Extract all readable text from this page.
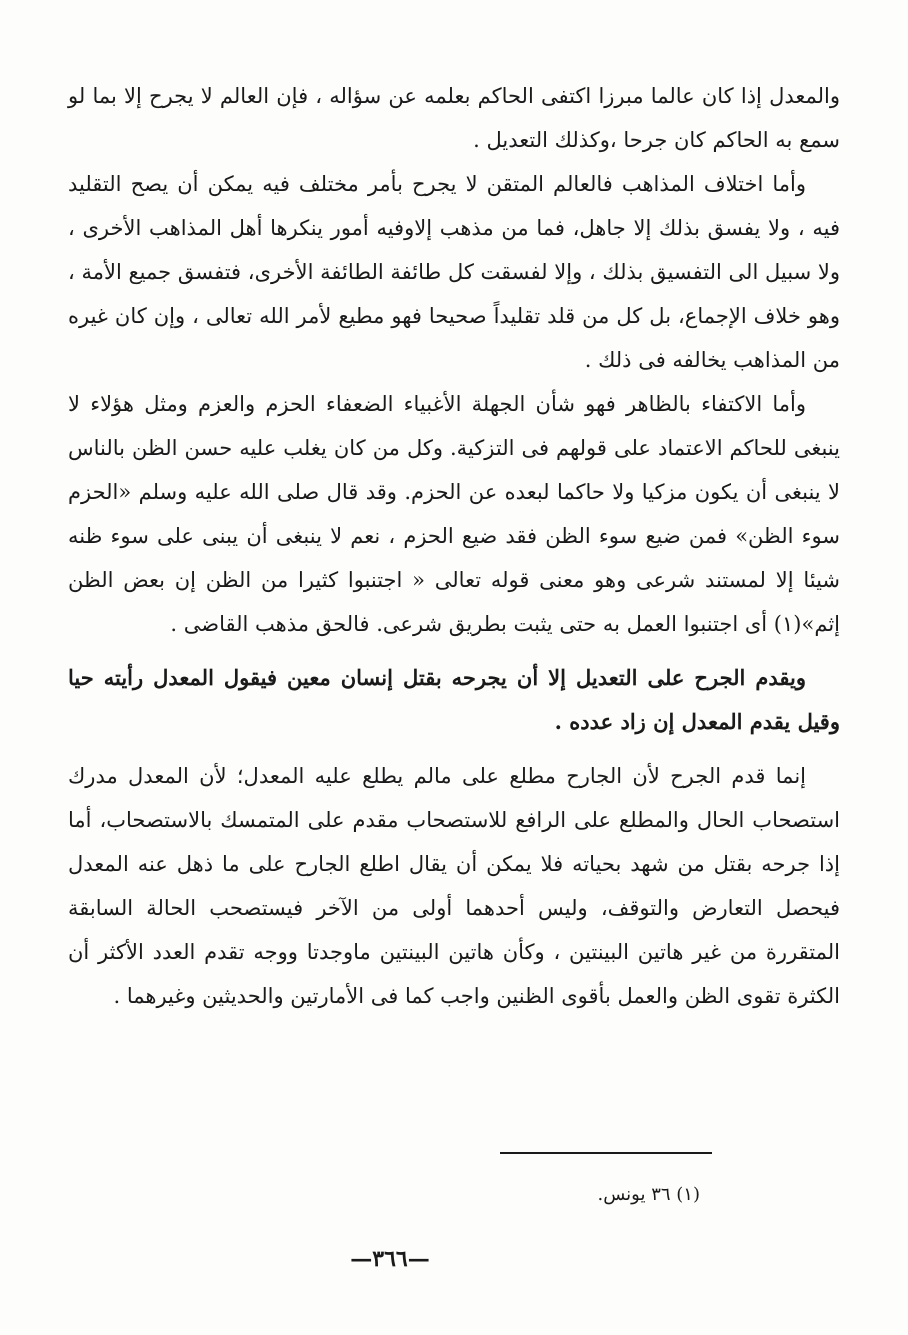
والمعدل إذا كان عالما مبرزا اكتفى الحاكم بعلمه عن سؤاله ، فإن العالم لا يجرح إلا بما لو سمع به الحاكم كان جرحا ،وكذلك التعديل .

وأما اختلاف المذاهب فالعالم المتقن لا يجرح بأمر مختلف فيه يمكن أن يصح التقليد فيه ، ولا يفسق بذلك إلا جاهل، فما من مذهب إلاوفيه أمور ينكرها أهل المذاهب الأخرى ، ولا سبيل الى التفسيق بذلك ، وإلا لفسقت كل طائفة الطائفة الأخرى، فتفسق جميع الأمة ، وهو خلاف الإجماع، بل كل من قلد تقليداً صحيحا فهو مطيع لأمر الله تعالى ، وإن كان غيره من المذاهب يخالفه فى ذلك .

وأما الاكتفاء بالظاهر فهو شأن الجهلة الأغبياء الضعفاء الحزم والعزم ومثل هؤلاء لا ينبغى للحاكم الاعتماد على قولهم فى التزكية. وكل من كان يغلب عليه حسن الظن بالناس لا ينبغى أن يكون مزكيا ولا حاكما لبعده عن الحزم. وقد قال صلى الله عليه وسلم «الحزم سوء الظن» فمن ضيع سوء الظن فقد ضيع الحزم ، نعم لا ينبغى أن يبنى على سوء ظنه شيئا إلا لمستند شرعى وهو معنى قوله تعالى « اجتنبوا كثيرا من الظن إن بعض الظن إثم»(١) أى اجتنبوا العمل به حتى يثبت بطريق شرعى. فالحق مذهب القاضى .

ويقدم الجرح على التعديل إلا أن يجرحه بقتل إنسان معين فيقول المعدل رأيته حيا وقيل يقدم المعدل إن زاد عدده .

إنما قدم الجرح لأن الجارح مطلع على مالم يطلع عليه المعدل؛ لأن المعدل مدرك استصحاب الحال والمطلع على الرافع للاستصحاب مقدم على المتمسك بالاستصحاب، أما إذا جرحه بقتل من شهد بحياته فلا يمكن أن يقال اطلع الجارح على ما ذهل عنه المعدل فيحصل التعارض والتوقف، وليس أحدهما أولى من الآخر فيستصحب الحالة السابقة المتقررة من غير هاتين البينتين ، وكأن هاتين البينتين ماوجدتا ووجه تقدم العدد الأكثر أن الكثرة تقوى الظن والعمل بأقوى الظنين واجب كما فى الأمارتين والحديثين وغيرهما .

(١) ٣٦ يونس.
—٣٦٦—
